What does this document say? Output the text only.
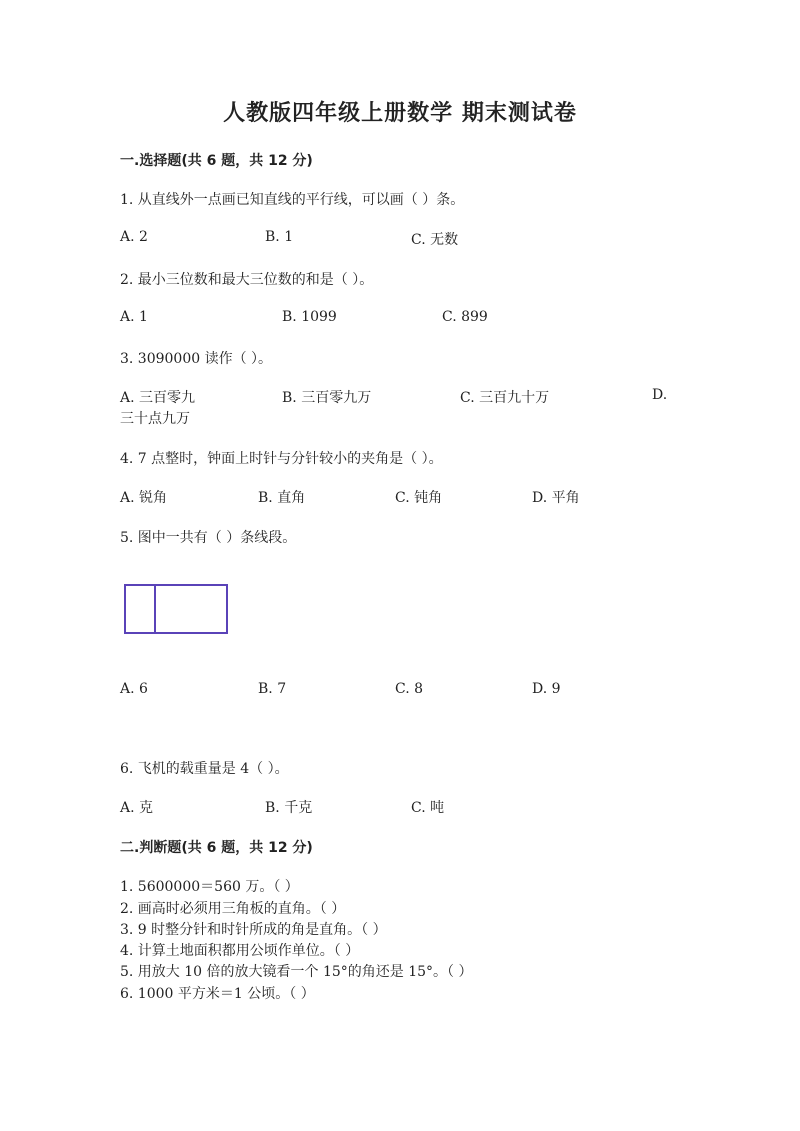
人教版四年级上册数学 期末测试卷
一.选择题(共 6 题，共 12 分)
1. 从直线外一点画已知直线的平行线，可以画（ ）条。
A. 2	B. 1	C. 无数
2. 最小三位数和最大三位数的和是（ ）。
A. 1	B. 1099	C. 899
3. 3090000 读作（ ）。
A. 三百零九	B. 三百零九万	C. 三百九十万	D.
三十点九万
4. 7 点整时，钟面上时针与分针较小的夹角是（ ）。
A. 锐角	B. 直角	C. 钝角	D. 平角
5. 图中一共有（ ）条线段。
A. 6	B. 7	C. 8	D. 9
6. 飞机的载重量是 4（ ）。
A. 克	B. 千克	C. 吨
二.判断题(共 6 题，共 12 分)
1. 5600000＝560 万。（ ）
2. 画高时必须用三角板的直角。（ ）
3. 9 时整分针和时针所成的角是直角。（ ）
4. 计算土地面积都用公顷作单位。（ ）
5. 用放大 10 倍的放大镜看一个 15°的角还是 15°。（ ）
6. 1000 平方米＝1 公顷。（ ）
